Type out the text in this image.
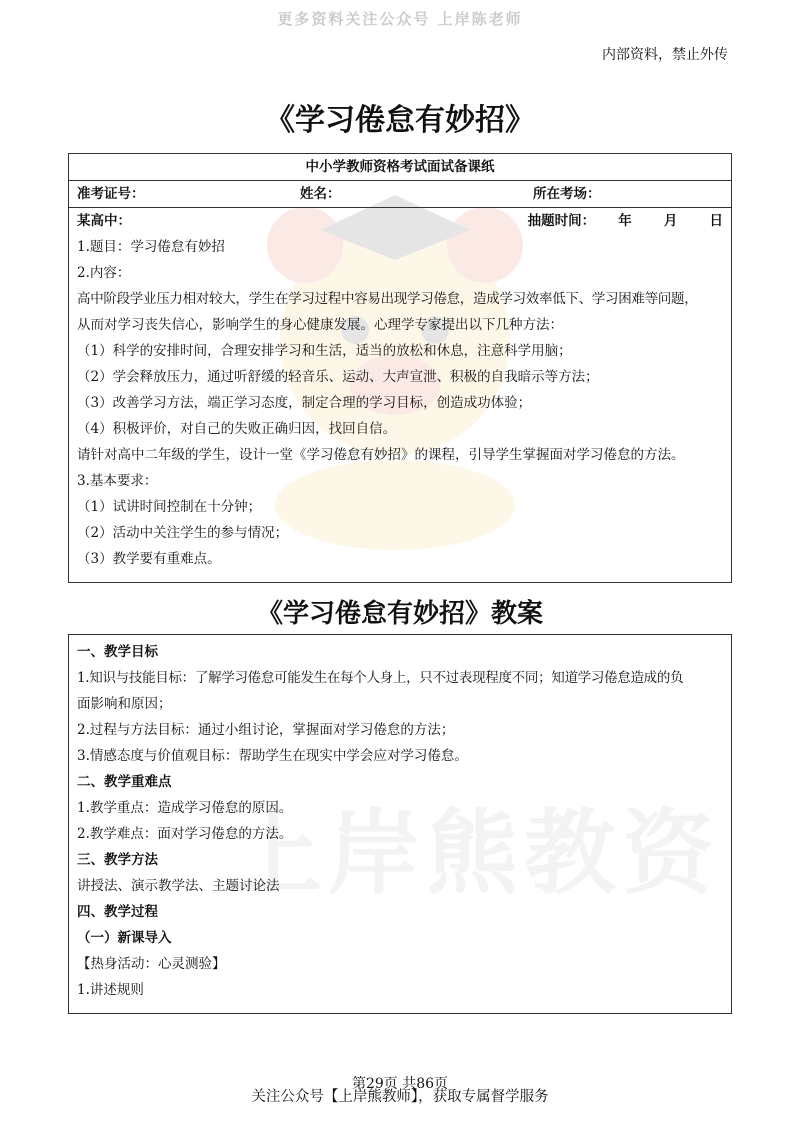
更多资料关注公众号 上岸陈老师
内部资料，禁止外传
上岸熊教资
《学习倦怠有妙招》
中小学教师资格考试面试备课纸
准考证号：	姓名：	所在考场：
某高中：	抽题时间：	年	月	日
1.题目：学习倦怠有妙招
2.内容：
高中阶段学业压力相对较大，学生在学习过程中容易出现学习倦怠，造成学习效率低下、学习困难等问题，
从而对学习丧失信心，影响学生的身心健康发展。心理学专家提出以下几种方法：
（1）科学的安排时间，合理安排学习和生活，适当的放松和休息，注意科学用脑；
（2）学会释放压力，通过听舒缓的轻音乐、运动、大声宣泄、积极的自我暗示等方法；
（3）改善学习方法，端正学习态度，制定合理的学习目标，创造成功体验；
（4）积极评价，对自己的失败正确归因，找回自信。
请针对高中二年级的学生，设计一堂《学习倦怠有妙招》的课程，引导学生掌握面对学习倦怠的方法。
3.基本要求：
（1）试讲时间控制在十分钟；
（2）活动中关注学生的参与情况；
（3）教学要有重难点。
《学习倦怠有妙招》教案
一、教学目标
1.知识与技能目标：了解学习倦怠可能发生在每个人身上，只不过表现程度不同；知道学习倦怠造成的负
面影响和原因；
2.过程与方法目标：通过小组讨论，掌握面对学习倦怠的方法；
3.情感态度与价值观目标：帮助学生在现实中学会应对学习倦怠。
二、教学重难点
1.教学重点：造成学习倦怠的原因。
2.教学难点：面对学习倦怠的方法。
三、教学方法
讲授法、演示教学法、主题讨论法
四、教学过程
（一）新课导入
【热身活动：心灵测验】
1.讲述规则
第29页 共86页
关注公众号【上岸熊教师】，获取专属督学服务
